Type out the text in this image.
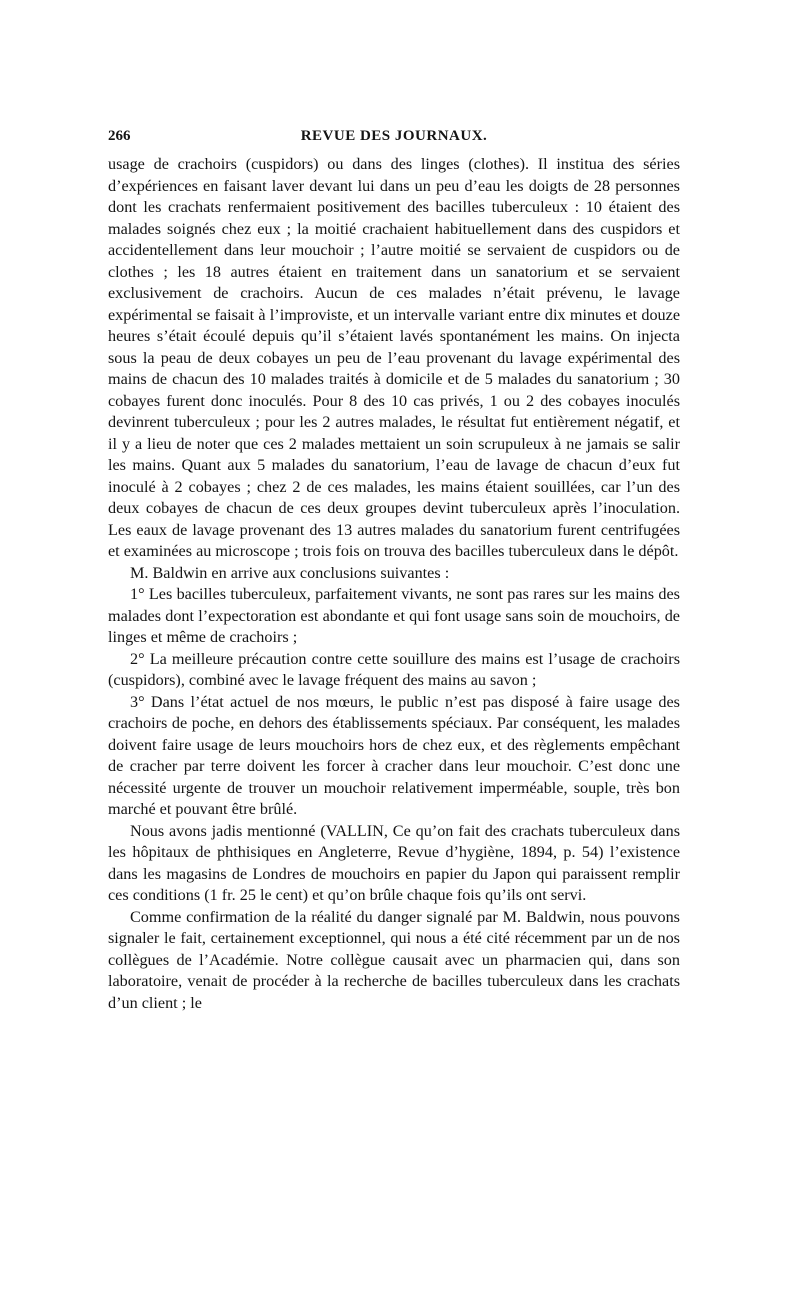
266	REVUE DES JOURNAUX.

usage de crachoirs (cuspidors) ou dans des linges (clothes). Il institua des séries d’expériences en faisant laver devant lui dans un peu d’eau les doigts de 28 personnes dont les crachats renfermaient positivement des bacilles tuberculeux : 10 étaient des malades soignés chez eux ; la moitié crachaient habituellement dans des cuspidors et accidentellement dans leur mouchoir ; l’autre moitié se servaient de cuspidors ou de clothes ; les 18 autres étaient en traitement dans un sanatorium et se servaient exclusivement de crachoirs. Aucun de ces malades n’était prévenu, le lavage expérimental se faisait à l’improviste, et un intervalle variant entre dix minutes et douze heures s’était écoulé depuis qu’il s’étaient lavés spontanément les mains. On injecta sous la peau de deux cobayes un peu de l’eau provenant du lavage expérimental des mains de chacun des 10 malades traités à domicile et de 5 malades du sanatorium ; 30 cobayes furent donc inoculés. Pour 8 des 10 cas privés, 1 ou 2 des cobayes inoculés devinrent tuberculeux ; pour les 2 autres malades, le résultat fut entièrement négatif, et il y a lieu de noter que ces 2 malades mettaient un soin scrupuleux à ne jamais se salir les mains. Quant aux 5 malades du sanatorium, l’eau de lavage de chacun d’eux fut inoculé à 2 cobayes ; chez 2 de ces malades, les mains étaient souillées, car l’un des deux cobayes de chacun de ces deux groupes devint tuberculeux après l’inoculation. Les eaux de lavage provenant des 13 autres malades du sanatorium furent centrifugées et examinées au microscope ; trois fois on trouva des bacilles tuberculeux dans le dépôt.

M. Baldwin en arrive aux conclusions suivantes :

1° Les bacilles tuberculeux, parfaitement vivants, ne sont pas rares sur les mains des malades dont l’expectoration est abondante et qui font usage sans soin de mouchoirs, de linges et même de crachoirs ;

2° La meilleure précaution contre cette souillure des mains est l’usage de crachoirs (cuspidors), combiné avec le lavage fréquent des mains au savon ;

3° Dans l’état actuel de nos mœurs, le public n’est pas disposé à faire usage des crachoirs de poche, en dehors des établissements spéciaux. Par conséquent, les malades doivent faire usage de leurs mouchoirs hors de chez eux, et des règlements empêchant de cracher par terre doivent les forcer à cracher dans leur mouchoir. C’est donc une nécessité urgente de trouver un mouchoir relativement imperméable, souple, très bon marché et pouvant être brûlé.

Nous avons jadis mentionné (VALLIN, Ce qu’on fait des crachats tuberculeux dans les hôpitaux de phthisiques en Angleterre, Revue d’hygiène, 1894, p. 54) l’existence dans les magasins de Londres de mouchoirs en papier du Japon qui paraissent remplir ces conditions (1 fr. 25 le cent) et qu’on brûle chaque fois qu’ils ont servi.

Comme confirmation de la réalité du danger signalé par M. Baldwin, nous pouvons signaler le fait, certainement exceptionnel, qui nous a été cité récemment par un de nos collègues de l’Académie. Notre collègue causait avec un pharmacien qui, dans son laboratoire, venait de procéder à la recherche de bacilles tuberculeux dans les crachats d’un client ; le
